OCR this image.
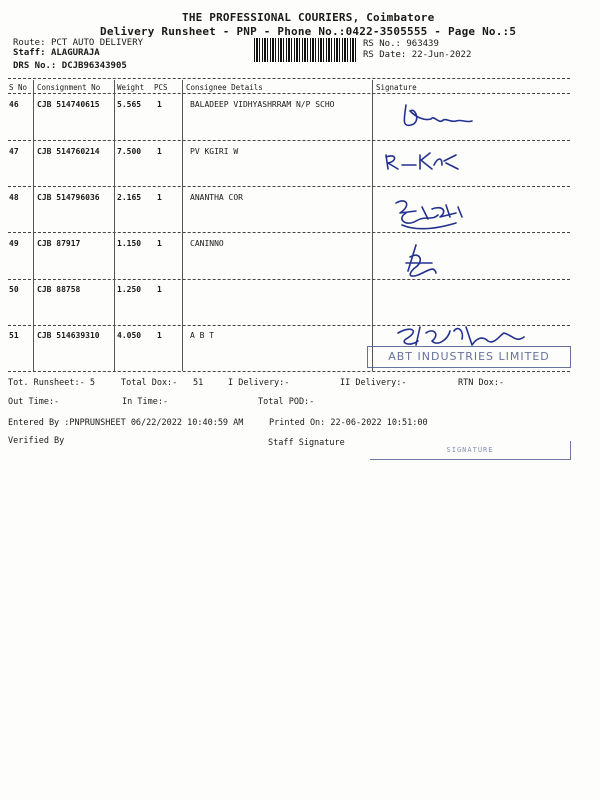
THE PROFESSIONAL COURIERS, Coimbatore
Delivery Runsheet - PNP - Phone No.:0422-3505555 - Page No.:5
Route: PCT AUTO DELIVERY
Staff: ALAGURAJA
DRS No.: DCJB96343905
RS No.: 963439
RS Date: 22-Jun-2022
S No Consignment No Weight PCS Consignee Details	Signature
46 CJB 514740615 5.565 1	BALADEEP VIDHYASHRRAM N/P SCHO
47 CJB 514760214 7.500 1	PV KGIRI W
48 CJB 514796036 2.165 1	ANANTHA COR
49 CJB 87917	1.150 1	CANINNO
50 CJB 88758	1.250 1
51 CJB 514639310 4.050 1	A B T
ABT INDUSTRIES LIMITED
Tot. Runsheet:- 5	Total Dox:- 51	I Delivery:-	II Delivery:-	RTN Dox:-
Out Time:-	In Time:-	Total POD:-
Entered By :PNPRUNSHEET 06/22/2022 10:40:59 AM	Printed On: 22-06-2022 10:51:00
Verified By	Staff Signature
SIGNATURE
